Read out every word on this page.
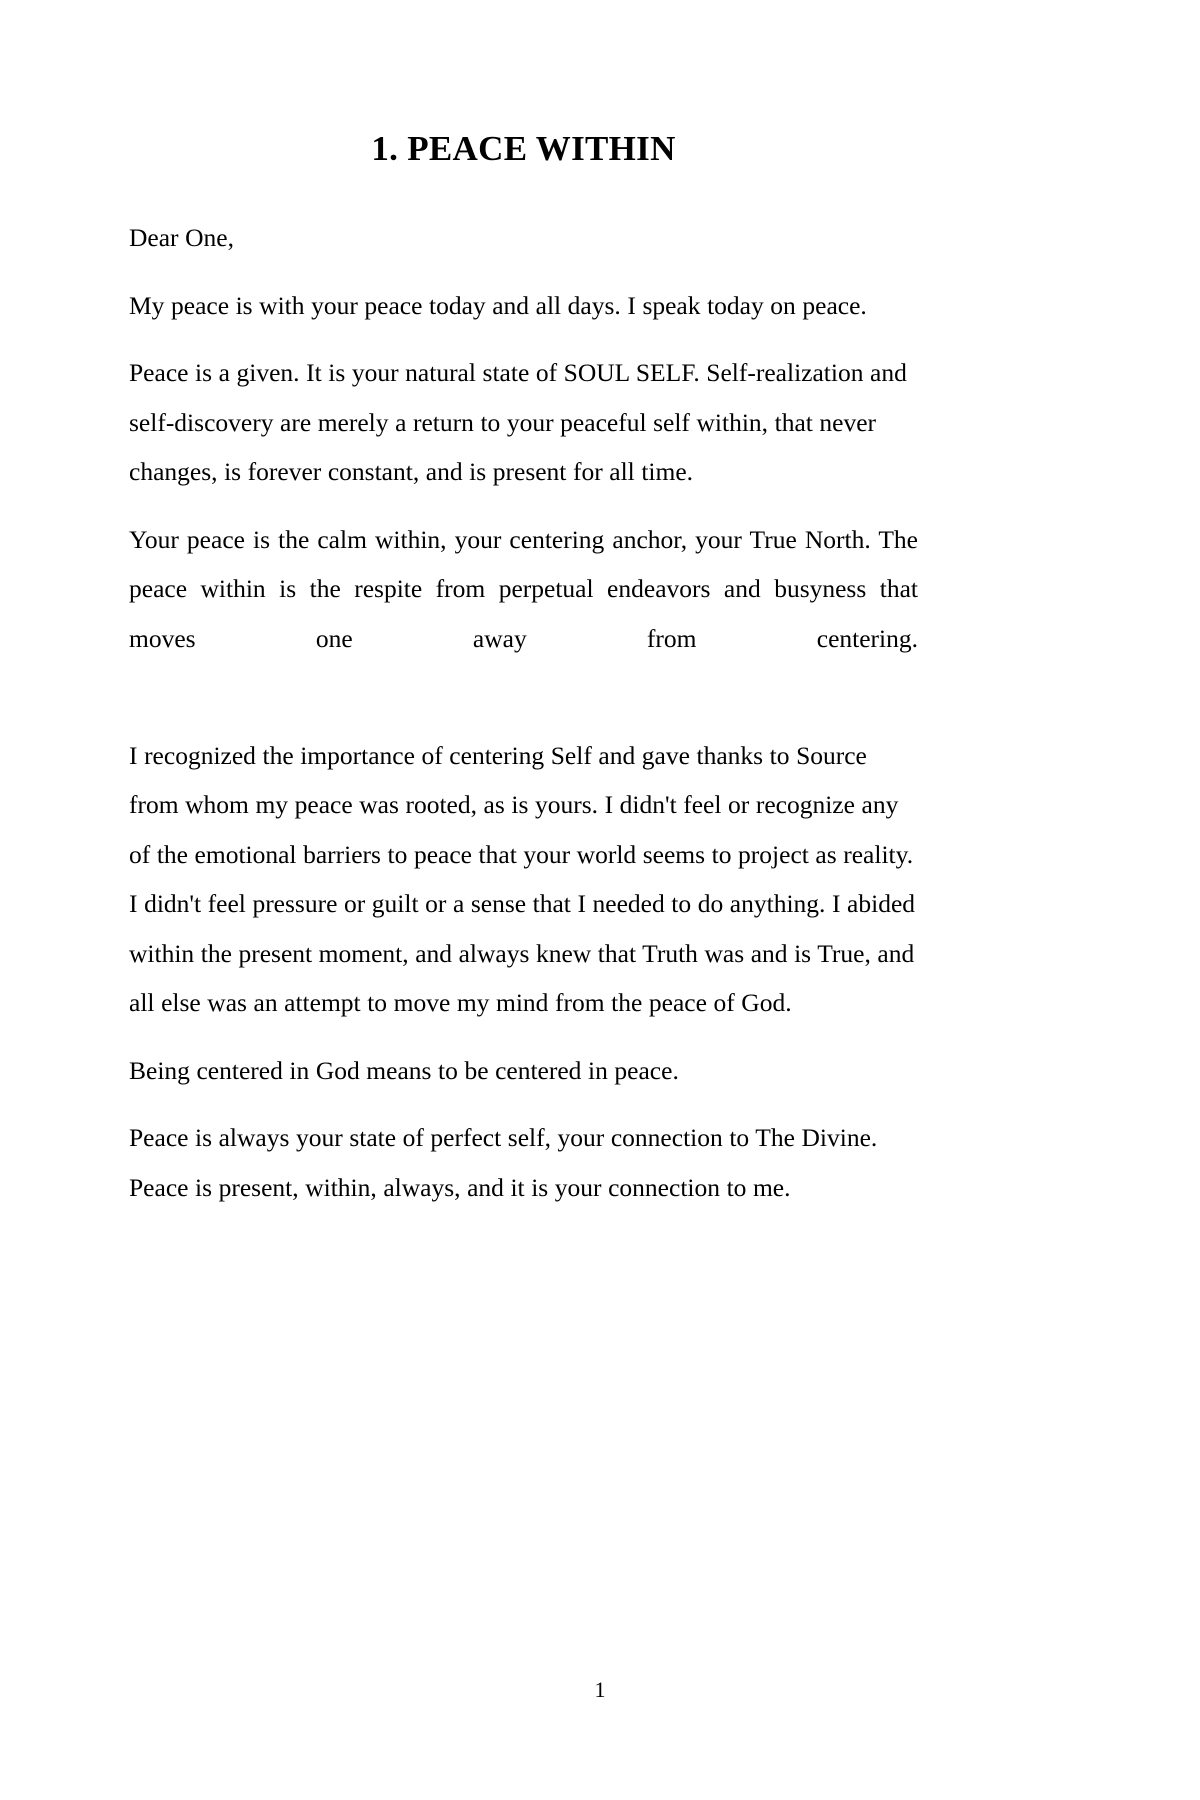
1. PEACE WITHIN

Dear One,

My peace is with your peace today and all days. I speak today on peace.

Peace is a given. It is your natural state of SOUL SELF. Self-realization and self-discovery are merely a return to your peaceful self within, that never changes, is forever constant, and is present for all time.

Your peace is the calm within, your centering anchor, your True North. The peace within is the respite from perpetual endeavors and busyness that moves one away from centering.

I recognized the importance of centering Self and gave thanks to Source from whom my peace was rooted, as is yours. I didn't feel or recognize any of the emotional barriers to peace that your world seems to project as reality. I didn't feel pressure or guilt or a sense that I needed to do anything. I abided within the present moment, and always knew that Truth was and is True, and all else was an attempt to move my mind from the peace of God.

Being centered in God means to be centered in peace.

Peace is always your state of perfect self, your connection to The Divine. Peace is present, within, always, and it is your connection to me.

1
